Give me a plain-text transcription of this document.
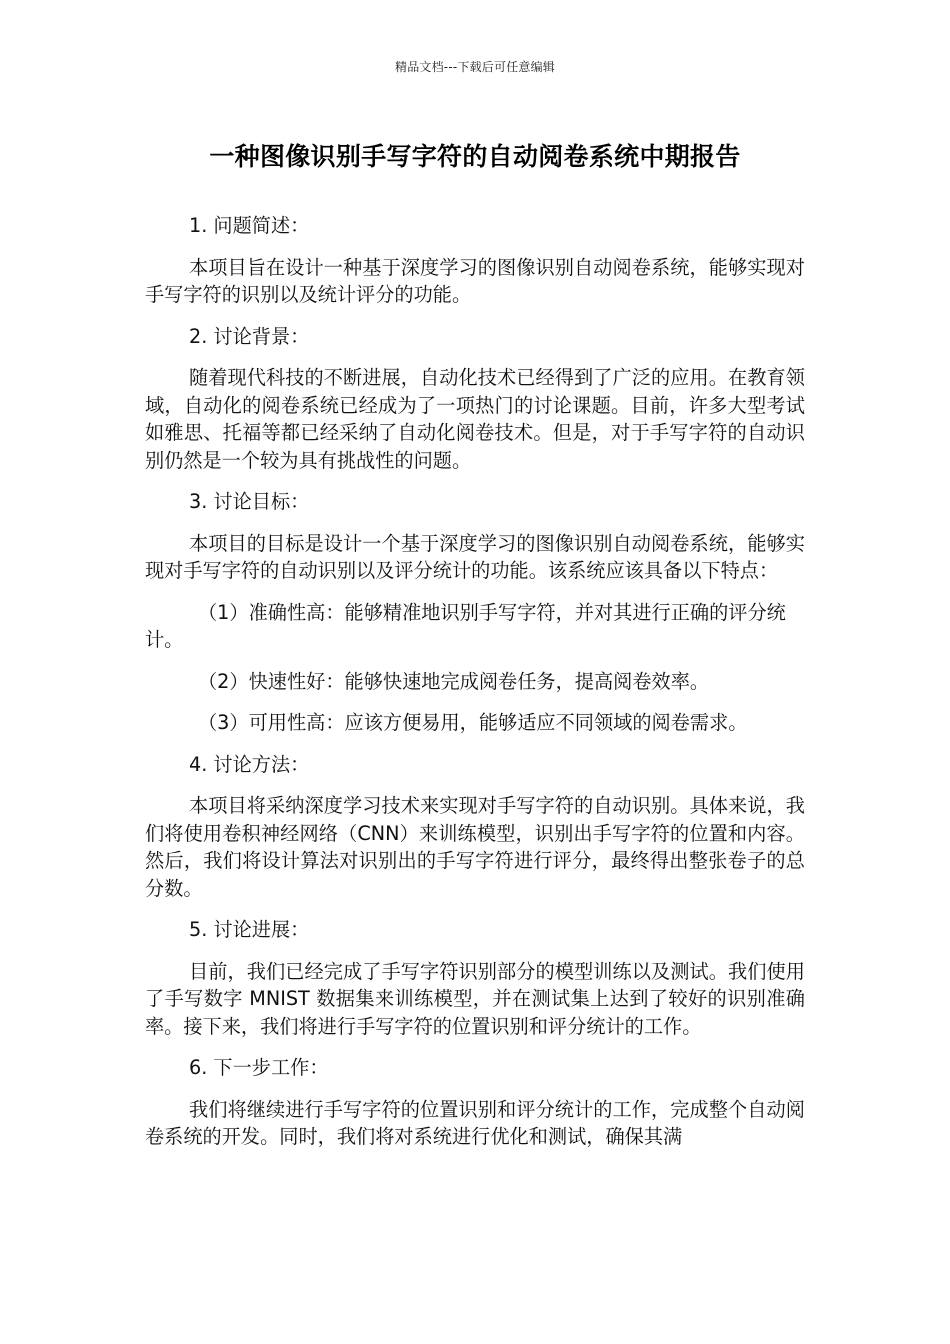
精品文档---下载后可任意编辑
一种图像识别手写字符的自动阅卷系统中期报告

1. 问题简述：

本项目旨在设计一种基于深度学习的图像识别自动阅卷系统，能够实现对手写字符的识别以及统计评分的功能。

2. 讨论背景：

随着现代科技的不断进展，自动化技术已经得到了广泛的应用。在教育领域，自动化的阅卷系统已经成为了一项热门的讨论课题。目前，许多大型考试如雅思、托福等都已经采纳了自动化阅卷技术。但是，对于手写字符的自动识别仍然是一个较为具有挑战性的问题。

3. 讨论目标：

本项目的目标是设计一个基于深度学习的图像识别自动阅卷系统，能够实现对手写字符的自动识别以及评分统计的功能。该系统应该具备以下特点：

（1）准确性高：能够精准地识别手写字符，并对其进行正确的评分统计。

（2）快速性好：能够快速地完成阅卷任务，提高阅卷效率。

（3）可用性高：应该方便易用，能够适应不同领域的阅卷需求。

4. 讨论方法：

本项目将采纳深度学习技术来实现对手写字符的自动识别。具体来说，我们将使用卷积神经网络（CNN）来训练模型，识别出手写字符的位置和内容。然后，我们将设计算法对识别出的手写字符进行评分，最终得出整张卷子的总分数。

5. 讨论进展：

目前，我们已经完成了手写字符识别部分的模型训练以及测试。我们使用了手写数字 MNIST 数据集来训练模型，并在测试集上达到了较好的识别准确率。接下来，我们将进行手写字符的位置识别和评分统计的工作。

6. 下一步工作：

我们将继续进行手写字符的位置识别和评分统计的工作，完成整个自动阅卷系统的开发。同时，我们将对系统进行优化和测试，确保其满
